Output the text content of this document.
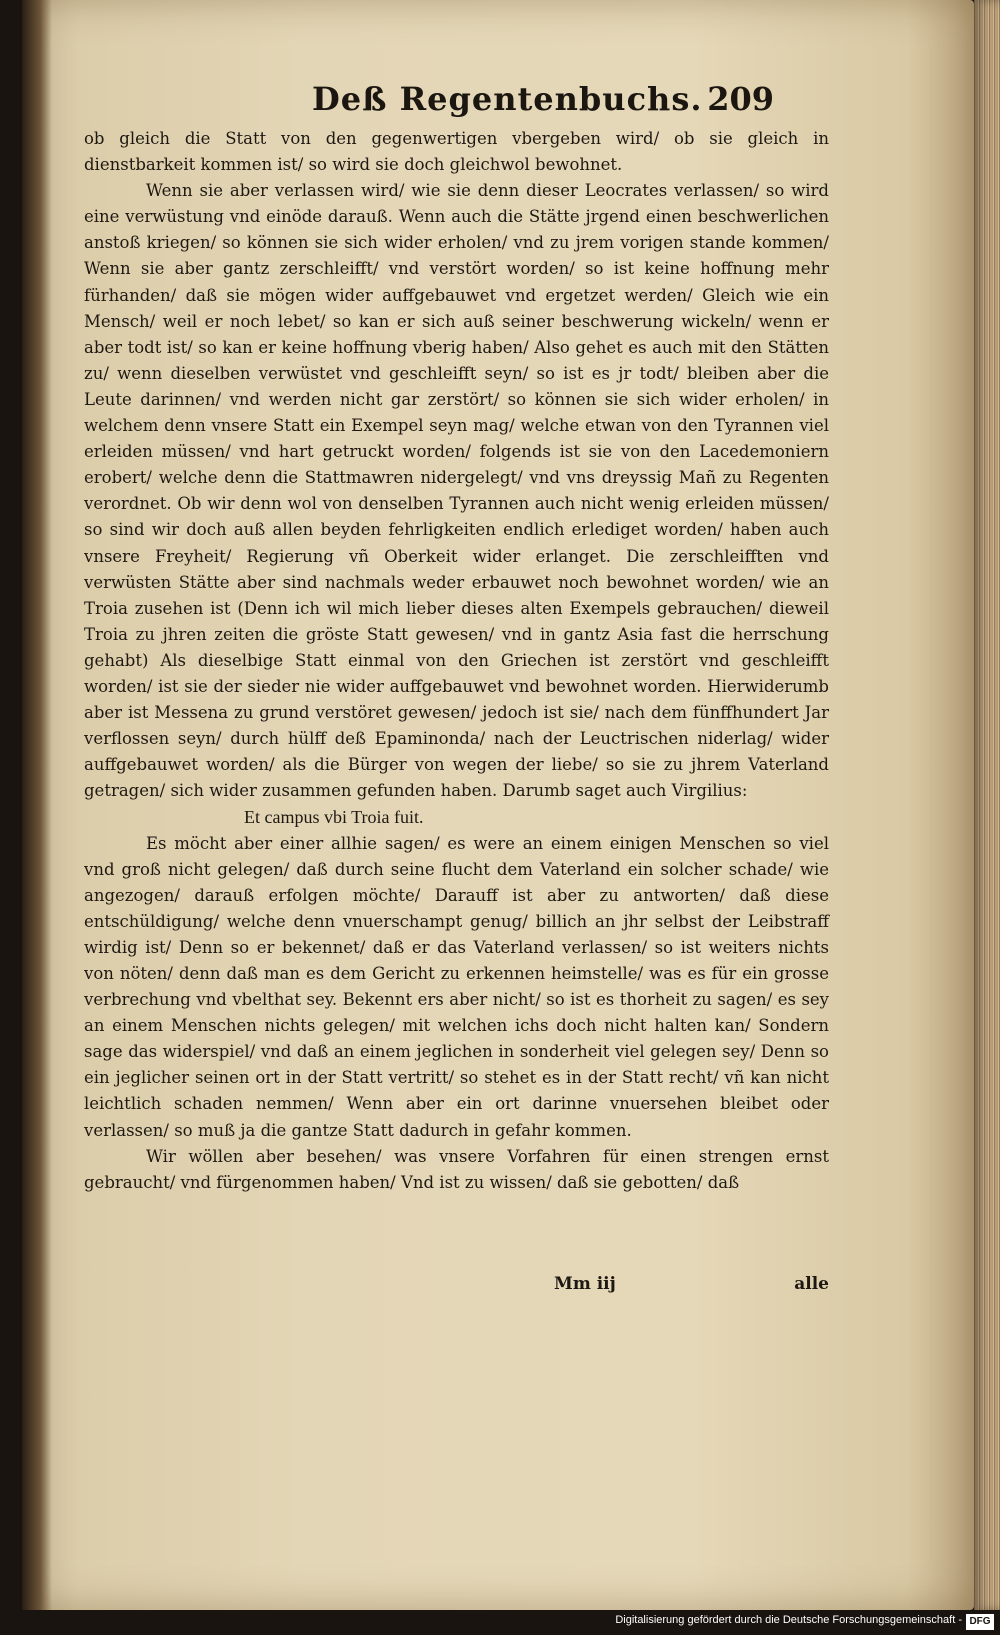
Deß Regentenbuchs. 209

ob gleich die Statt von den gegenwertigen vbergeben wird/ ob sie gleich in dienstbarkeit kommen ist/ so wird sie doch gleichwol bewohnet.

Wenn sie aber verlassen wird/ wie sie denn dieser Leocrates verlassen/ so wird eine verwüstung vnd einöde darauß. Wenn auch die Stätte jrgend einen beschwerlichen anstoß kriegen/ so können sie sich wider erholen/ vnd zu jrem vorigen stande kommen/ Wenn sie aber gantz zerschleifft/ vnd verstört worden/ so ist keine hoffnung mehr fürhanden/ daß sie mögen wider auffgebauwet vnd ergetzet werden/ Gleich wie ein Mensch/ weil er noch lebet/ so kan er sich auß seiner beschwerung wickeln/ wenn er aber todt ist/ so kan er keine hoffnung vberig haben/ Also gehet es auch mit den Stätten zu/ wenn dieselben verwüstet vnd geschleifft seyn/ so ist es jr todt/ bleiben aber die Leute darinnen/ vnd werden nicht gar zerstört/ so können sie sich wider erholen/ in welchem denn vnsere Statt ein Exempel seyn mag/ welche etwan von den Tyrannen viel erleiden müssen/ vnd hart getruckt worden/ folgends ist sie von den Lacedemoniern erobert/ welche denn die Stattmawren nidergelegt/ vnd vns dreyssig Mañ zu Regenten verordnet. Ob wir denn wol von denselben Tyrannen auch nicht wenig erleiden müssen/ so sind wir doch auß allen beyden fehrligkeiten endlich erlediget worden/ haben auch vnsere Freyheit/ Regierung vñ Oberkeit wider erlanget. Die zerschleifften vnd verwüsten Stätte aber sind nachmals weder erbauwet noch bewohnet worden/ wie an Troia zusehen ist (Denn ich wil mich lieber dieses alten Exempels gebrauchen/ dieweil Troia zu jhren zeiten die gröste Statt gewesen/ vnd in gantz Asia fast die herrschung gehabt) Als dieselbige Statt einmal von den Griechen ist zerstört vnd geschleifft worden/ ist sie der sieder nie wider auffgebauwet vnd bewohnet worden. Hierwiderumb aber ist Messena zu grund verstöret gewesen/ jedoch ist sie/ nach dem fünffhundert Jar verflossen seyn/ durch hülff deß Epaminonda/ nach der Leuctrischen niderlag/ wider auffgebauwet worden/ als die Bürger von wegen der liebe/ so sie zu jhrem Vaterland getragen/ sich wider zusammen gefunden haben. Darumb saget auch Virgilius:

Et campus vbi Troia fuit.

Es möcht aber einer allhie sagen/ es were an einem einigen Menschen so viel vnd groß nicht gelegen/ daß durch seine flucht dem Vaterland ein solcher schade/ wie angezogen/ darauß erfolgen möchte/ Darauff ist aber zu antworten/ daß diese entschüldigung/ welche denn vnuerschampt genug/ billich an jhr selbst der Leibstraff wirdig ist/ Denn so er bekennet/ daß er das Vaterland verlassen/ so ist weiters nichts von nöten/ denn daß man es dem Gericht zu erkennen heimstelle/ was es für ein grosse verbrechung vnd vbelthat sey. Bekennt ers aber nicht/ so ist es thorheit zu sagen/ es sey an einem Menschen nichts gelegen/ mit welchen ichs doch nicht halten kan/ Sondern sage das widerspiel/ vnd daß an einem jeglichen in sonderheit viel gelegen sey/ Denn so ein jeglicher seinen ort in der Statt vertritt/ so stehet es in der Statt recht/ vñ kan nicht leichtlich schaden nemmen/ Wenn aber ein ort darinne vnuersehen bleibet oder verlassen/ so muß ja die gantze Statt dadurch in gefahr kommen.

Wir wöllen aber besehen/ was vnsere Vorfahren für einen strengen ernst gebraucht/ vnd fürgenommen haben/ Vnd ist zu wissen/ daß sie gebotten/ daß

Mm iij	alle
Digitalisierung gefördert durch die Deutsche Forschungsgemeinschaft - DFG
